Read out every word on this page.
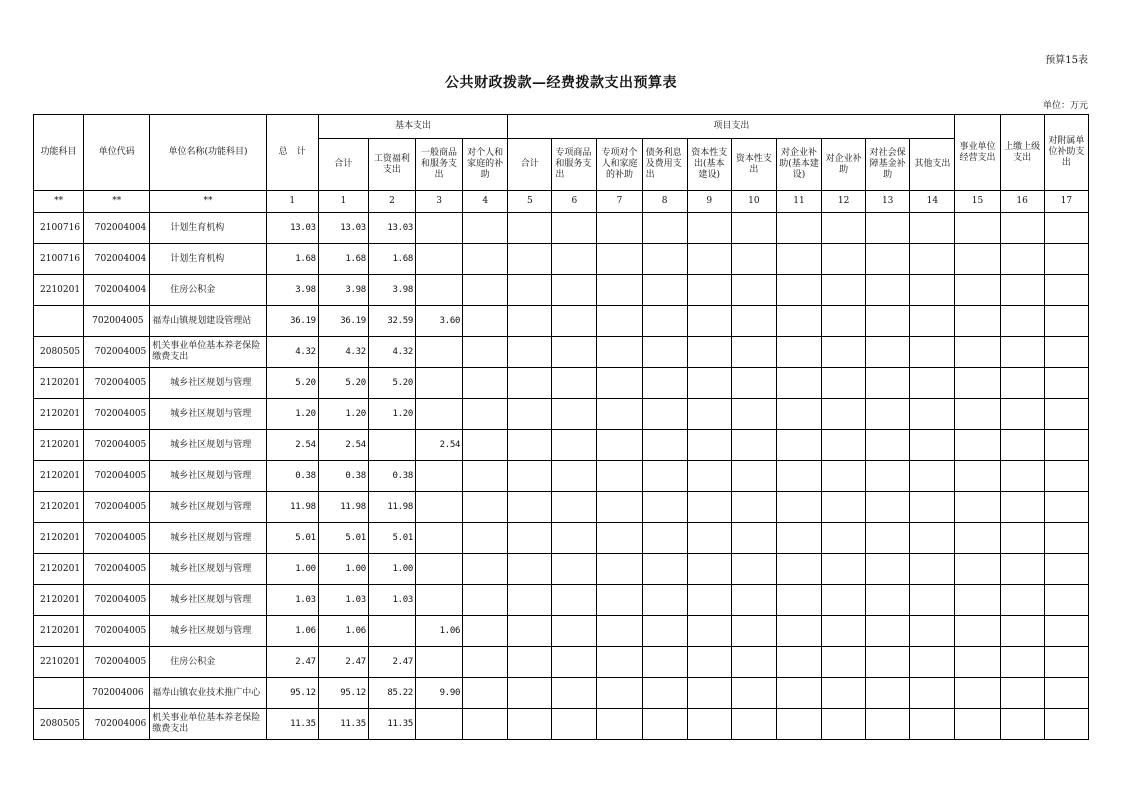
预算15表
公共财政拨款—经费拨款支出预算表
单位：万元
功能科目	单位代码	单位名称(功能科目)	总　计	基本支出				项目支出										事业单位经营支出	上缴上级支出	对附属单位补助支出
				合计	工资福利支出	一般商品和服务支出	对个人和家庭的补助	合计	专项商品和服务支出	专项对个人和家庭的补助	债务利息及费用支出	资本性支出(基本建设)	资本性支出	对企业补助(基本建设)	对企业补助	对社会保障基金补助	其他支出			
**	**	**	1	1	2	3	4	5	6	7	8	9	10	11	12	13	14	15	16	17
2100716	702004004	计划生育机构	13.03	13.03	13.03															
2100716	702004004	计划生育机构	1.68	1.68	1.68															
2210201	702004004	住房公积金	3.98	3.98	3.98															
	702004005	福寿山镇规划建设管理站	36.19	36.19	32.59	3.60														
2080505	702004005	机关事业单位基本养老保险缴费支出	4.32	4.32	4.32															
2120201	702004005	城乡社区规划与管理	5.20	5.20	5.20															
2120201	702004005	城乡社区规划与管理	1.20	1.20	1.20															
2120201	702004005	城乡社区规划与管理	2.54	2.54		2.54														
2120201	702004005	城乡社区规划与管理	0.38	0.38	0.38															
2120201	702004005	城乡社区规划与管理	11.98	11.98	11.98															
2120201	702004005	城乡社区规划与管理	5.01	5.01	5.01															
2120201	702004005	城乡社区规划与管理	1.00	1.00	1.00															
2120201	702004005	城乡社区规划与管理	1.03	1.03	1.03															
2120201	702004005	城乡社区规划与管理	1.06	1.06		1.06														
2210201	702004005	住房公积金	2.47	2.47	2.47															
	702004006	福寿山镇农业技术推广中心	95.12	95.12	85.22	9.90														
2080505	702004006	机关事业单位基本养老保险缴费支出	11.35	11.35	11.35															
